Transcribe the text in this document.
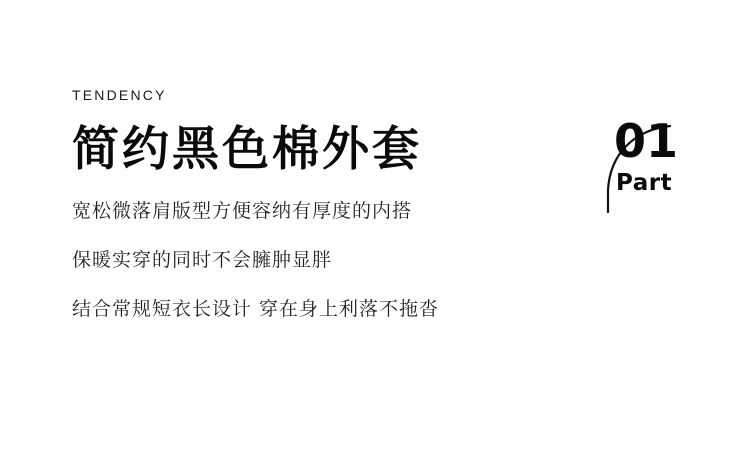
TENDENCY
简约黑色棉外套
宽松微落肩版型方便容纳有厚度的内搭
保暖实穿的同时不会臃肿显胖
结合常规短衣长设计 穿在身上利落不拖沓
01
Part
